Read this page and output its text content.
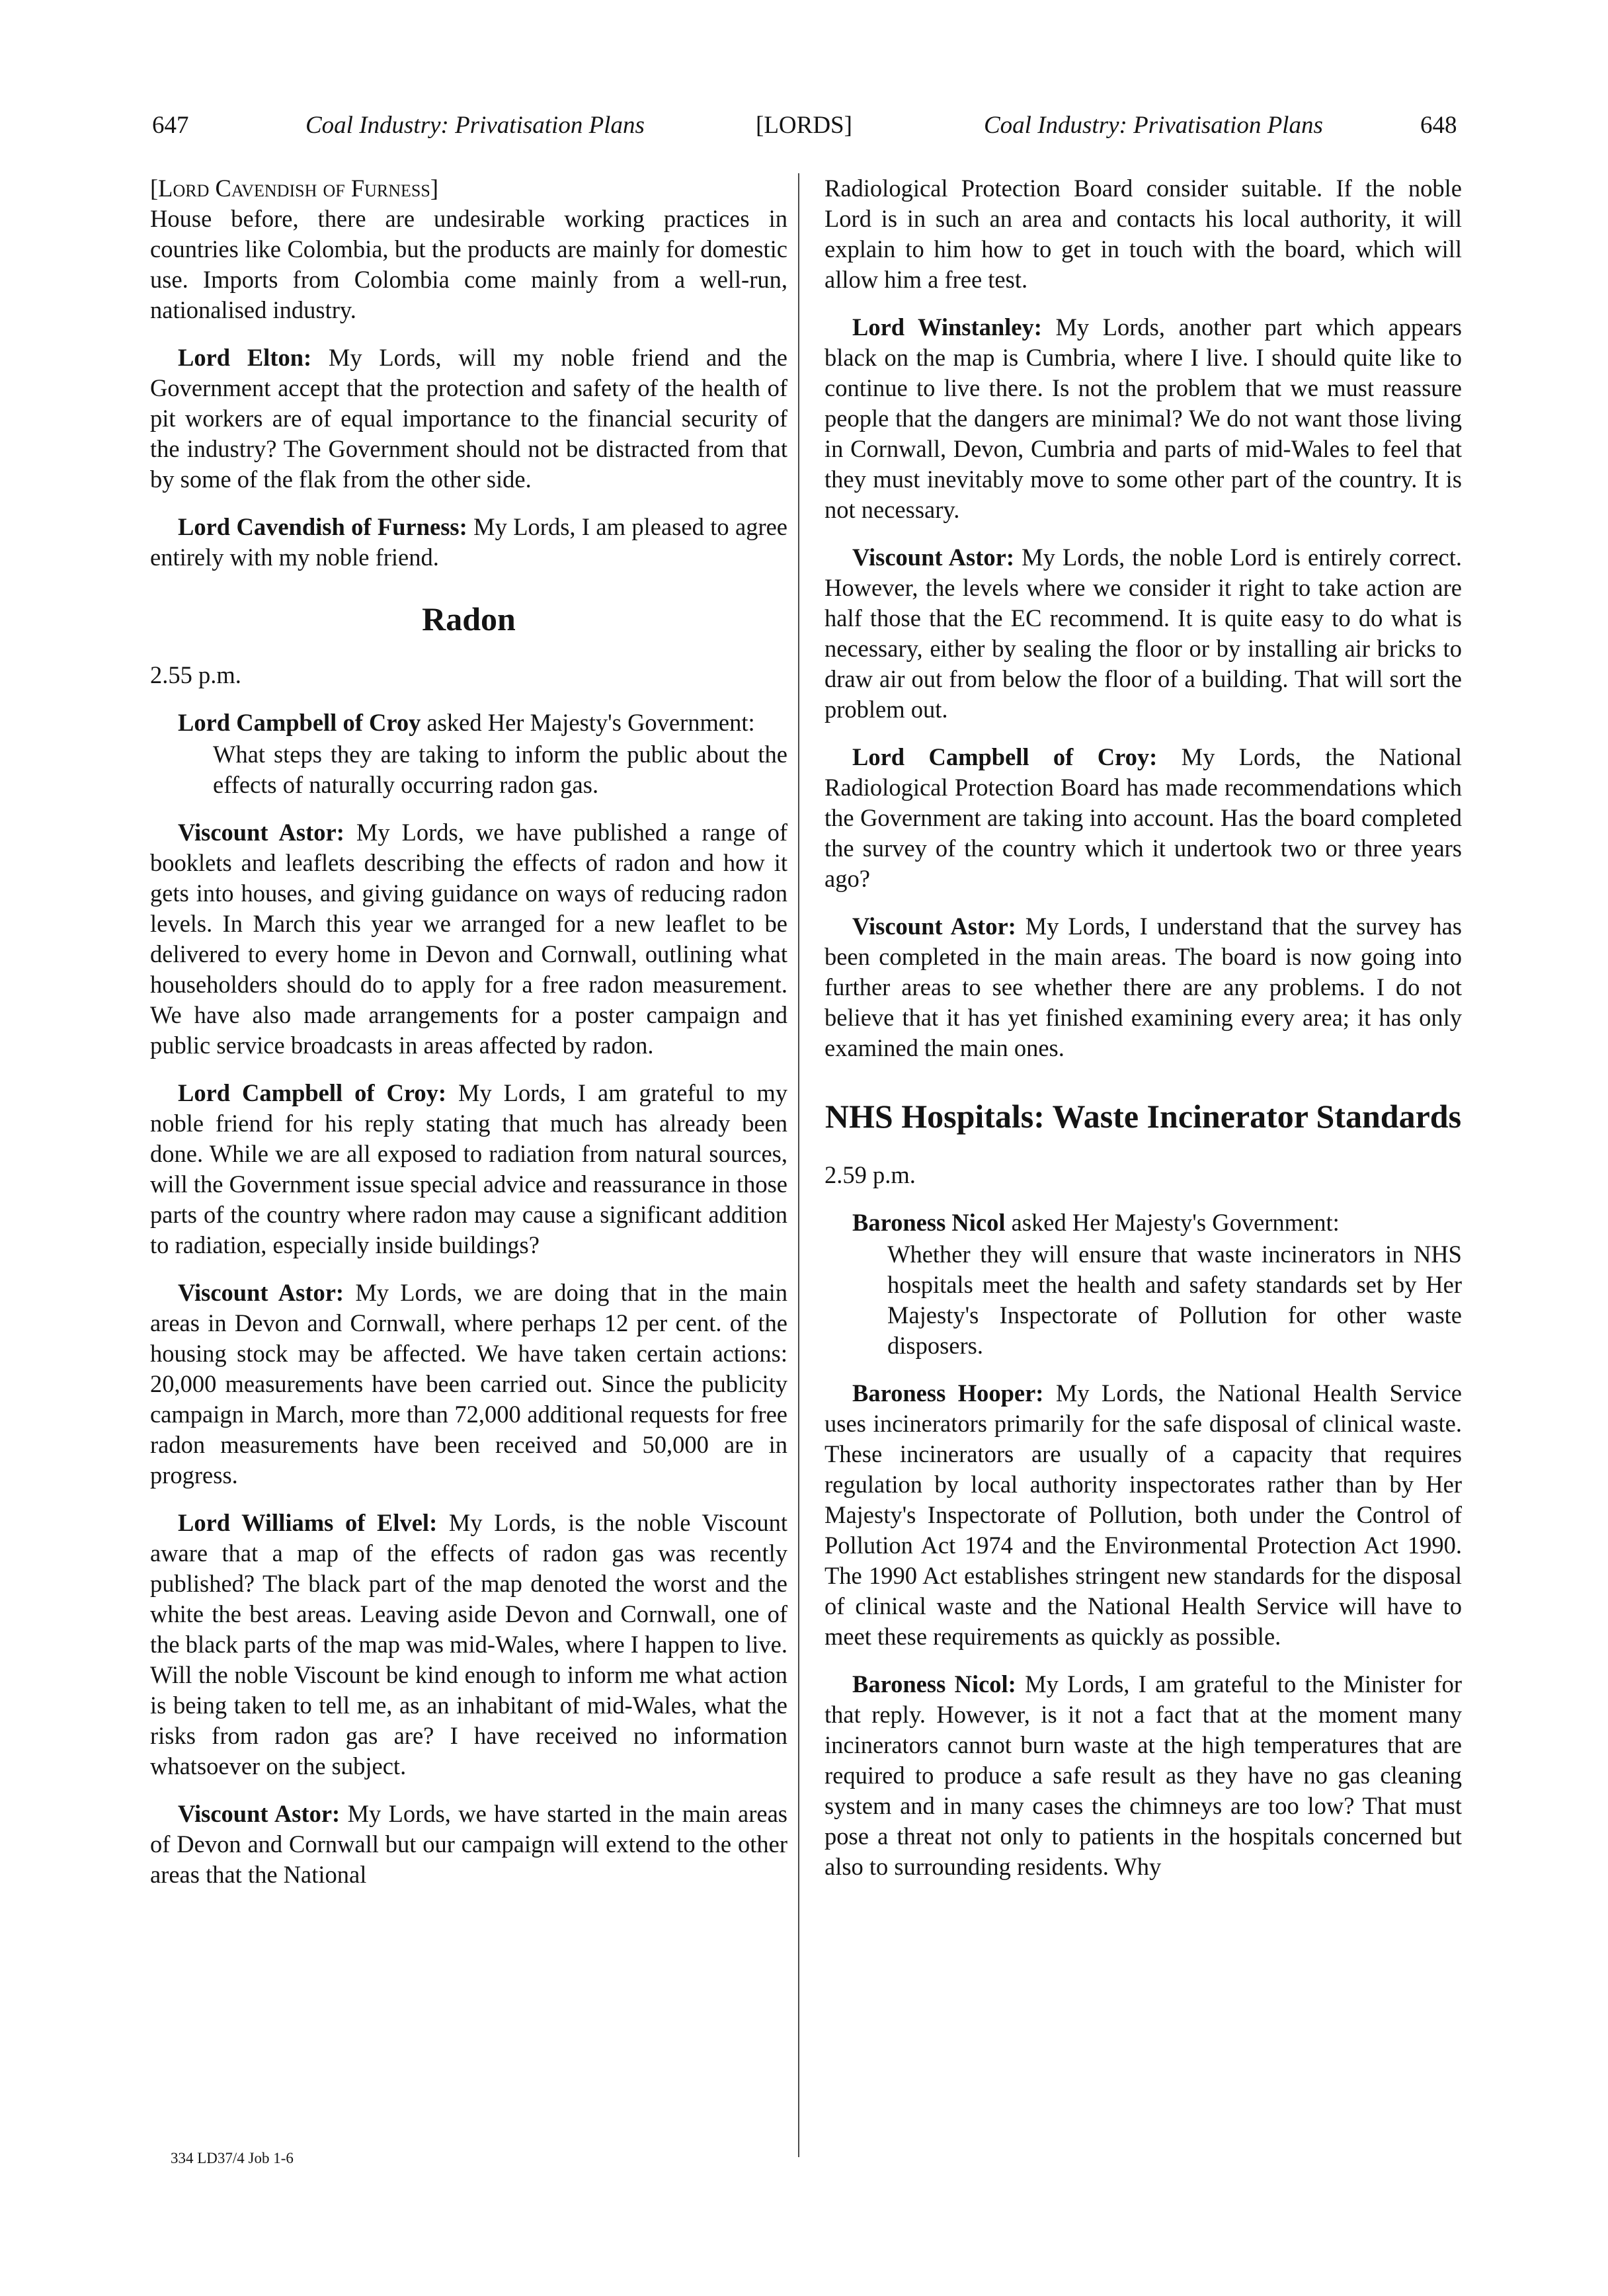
647	Coal Industry: Privatisation Plans	[LORDS]	Coal Industry: Privatisation Plans	648
[Lord Cavendish of Furness]

House before, there are undesirable working practices in countries like Colombia, but the products are mainly for domestic use. Imports from Colombia come mainly from a well-run, nationalised industry.

Lord Elton: My Lords, will my noble friend and the Government accept that the protection and safety of the health of pit workers are of equal importance to the financial security of the industry? The Government should not be distracted from that by some of the flak from the other side.

Lord Cavendish of Furness: My Lords, I am pleased to agree entirely with my noble friend.

Radon
2.55 p.m.

Lord Campbell of Croy asked Her Majesty's Government:

What steps they are taking to inform the public about the effects of naturally occurring radon gas.

Viscount Astor: My Lords, we have published a range of booklets and leaflets describing the effects of radon and how it gets into houses, and giving guidance on ways of reducing radon levels. In March this year we arranged for a new leaflet to be delivered to every home in Devon and Cornwall, outlining what householders should do to apply for a free radon measurement. We have also made arrangements for a poster campaign and public service broadcasts in areas affected by radon.

Lord Campbell of Croy: My Lords, I am grateful to my noble friend for his reply stating that much has already been done. While we are all exposed to radiation from natural sources, will the Government issue special advice and reassurance in those parts of the country where radon may cause a significant addition to radiation, especially inside buildings?

Viscount Astor: My Lords, we are doing that in the main areas in Devon and Cornwall, where perhaps 12 per cent. of the housing stock may be affected. We have taken certain actions: 20,000 measurements have been carried out. Since the publicity campaign in March, more than 72,000 additional requests for free radon measurements have been received and 50,000 are in progress.

Lord Williams of Elvel: My Lords, is the noble Viscount aware that a map of the effects of radon gas was recently published? The black part of the map denoted the worst and the white the best areas. Leaving aside Devon and Cornwall, one of the black parts of the map was mid-Wales, where I happen to live. Will the noble Viscount be kind enough to inform me what action is being taken to tell me, as an inhabitant of mid-Wales, what the risks from radon gas are? I have received no information whatsoever on the subject.

Viscount Astor: My Lords, we have started in the main areas of Devon and Cornwall but our campaign will extend to the other areas that the National

Radiological Protection Board consider suitable. If the noble Lord is in such an area and contacts his local authority, it will explain to him how to get in touch with the board, which will allow him a free test.

Lord Winstanley: My Lords, another part which appears black on the map is Cumbria, where I live. I should quite like to continue to live there. Is not the problem that we must reassure people that the dangers are minimal? We do not want those living in Cornwall, Devon, Cumbria and parts of mid-Wales to feel that they must inevitably move to some other part of the country. It is not necessary.

Viscount Astor: My Lords, the noble Lord is entirely correct. However, the levels where we consider it right to take action are half those that the EC recommend. It is quite easy to do what is necessary, either by sealing the floor or by installing air bricks to draw air out from below the floor of a building. That will sort the problem out.

Lord Campbell of Croy: My Lords, the National Radiological Protection Board has made recommendations which the Government are taking into account. Has the board completed the survey of the country which it undertook two or three years ago?

Viscount Astor: My Lords, I understand that the survey has been completed in the main areas. The board is now going into further areas to see whether there are any problems. I do not believe that it has yet finished examining every area; it has only examined the main ones.

NHS Hospitals: Waste Incinerator Standards
2.59 p.m.

Baroness Nicol asked Her Majesty's Government:

Whether they will ensure that waste incinerators in NHS hospitals meet the health and safety standards set by Her Majesty's Inspectorate of Pollution for other waste disposers.

Baroness Hooper: My Lords, the National Health Service uses incinerators primarily for the safe disposal of clinical waste. These incinerators are usually of a capacity that requires regulation by local authority inspectorates rather than by Her Majesty's Inspectorate of Pollution, both under the Control of Pollution Act 1974 and the Environmental Protection Act 1990. The 1990 Act establishes stringent new standards for the disposal of clinical waste and the National Health Service will have to meet these requirements as quickly as possible.

Baroness Nicol: My Lords, I am grateful to the Minister for that reply. However, is it not a fact that at the moment many incinerators cannot burn waste at the high temperatures that are required to produce a safe result as they have no gas cleaning system and in many cases the chimneys are too low? That must pose a threat not only to patients in the hospitals concerned but also to surrounding residents. Why

334 LD37/4 Job 1-6
